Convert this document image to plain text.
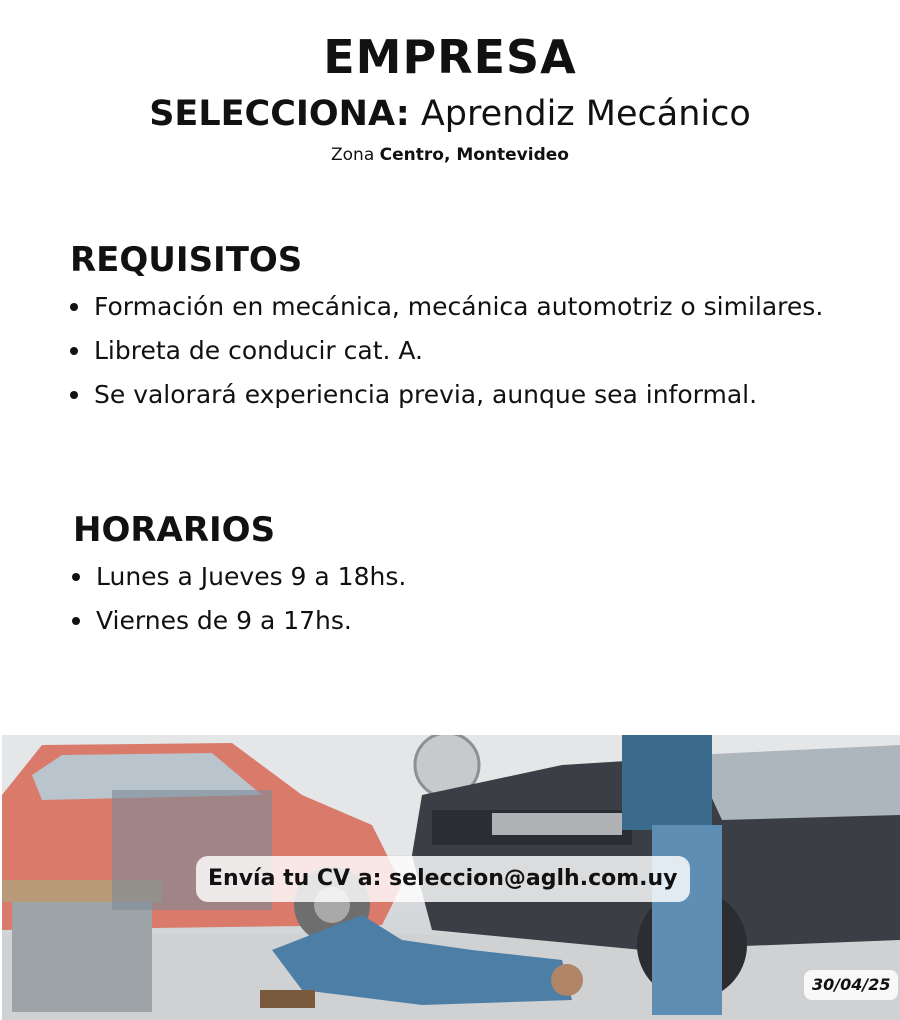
EMPRESA
SELECCIONA: Aprendiz Mecánico
Zona Centro, Montevideo
REQUISITOS
Formación en mecánica, mecánica automotriz o similares.
Libreta de conducir cat. A.
Se valorará experiencia previa, aunque sea informal.
HORARIOS
Lunes a Jueves 9 a 18hs.
Viernes de 9 a 17hs.
Envía tu CV a: seleccion@aglh.com.uy
30/04/25
